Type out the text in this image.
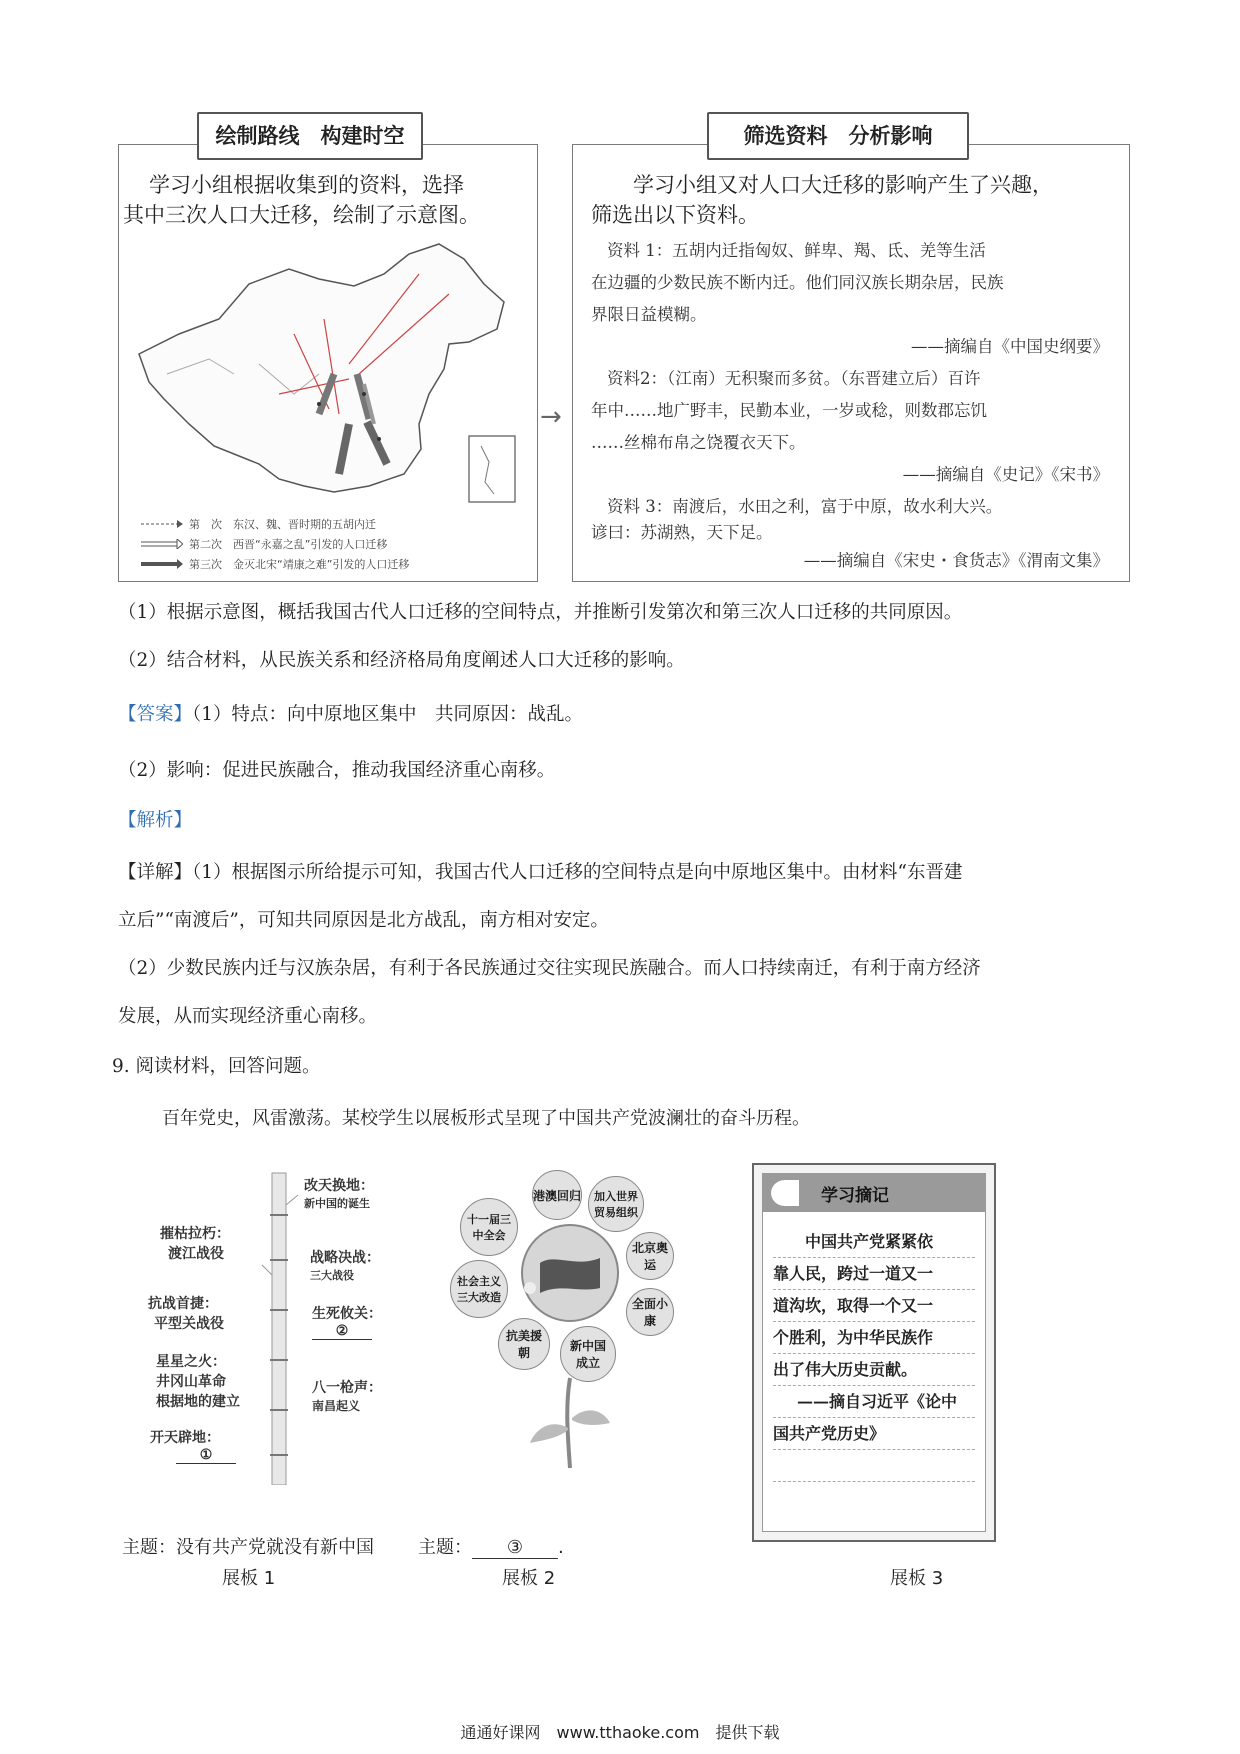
绘制路线　构建时空
学习小组根据收集到的资料，选择
其中三次人口大迁移，绘制了示意图。
第　次　东汉、魏、晋时期的五胡内迁
第二次　西晋“永嘉之乱”引发的人口迁移
第三次　金灭北宋“靖康之难”引发的人口迁移
→
筛选资料　分析影响
学习小组又对人口大迁移的影响产生了兴趣，
筛选出以下资料。
资料 1：五胡内迁指匈奴、鲜卑、羯、氐、羌等生活
在边疆的少数民族不断内迁。他们同汉族长期杂居，民族
界限日益模糊。
——摘编自《中国史纲要》
资料2：（江南）无积聚而多贫。（东晋建立后）百许
年中……地广野丰，民勤本业，一岁或稔，则数郡忘饥
……丝棉布帛之饶覆衣天下。
——摘编自《史记》《宋书》
资料 3：南渡后，水田之利，富于中原，故水利大兴。
谚曰：苏湖熟，天下足。
——摘编自《宋史・食货志》《渭南文集》
（1）根据示意图，概括我国古代人口迁移的空间特点，并推断引发第次和第三次人口迁移的共同原因。
（2）结合材料，从民族关系和经济格局角度阐述人口大迁移的影响。
【答案】（1）特点：向中原地区集中　共同原因：战乱。
（2）影响：促进民族融合，推动我国经济重心南移。
【解析】
【详解】（1）根据图示所给提示可知，我国古代人口迁移的空间特点是向中原地区集中。由材料“东晋建
立后”“南渡后”，可知共同原因是北方战乱，南方相对安定。
（2）少数民族内迁与汉族杂居，有利于各民族通过交往实现民族融合。而人口持续南迁，有利于南方经济
发展，从而实现经济重心南移。
9. 阅读材料，回答问题。
百年党史，风雷激荡。某校学生以展板形式呈现了中国共产党波澜壮的奋斗历程。
摧枯拉朽：
渡江战役
抗战首捷：
平型关战役
星星之火：
井冈山革命
根据地的建立
开天辟地：
①
改天换地：
新中国的诞生
战略决战：
三大战役
生死攸关：
②
八一枪声：
南昌起义
港澳回归	加入世界贸易组织
北京奥运
全面小康
新中国成立
抗美援朝
社会主义三大改造
十一届三中全会
学习摘记
中国共产党紧紧依
靠人民，跨过一道又一
道沟坎，取得一个又一
个胜利，为中华民族作
出了伟大历史贡献。
——摘自习近平《论中
国共产党历史》
主题：没有共产党就没有新中国 主题： ③ .
展板 1	展板 2	展板 3
通通好课网　www.tthaoke.com　提供下载
